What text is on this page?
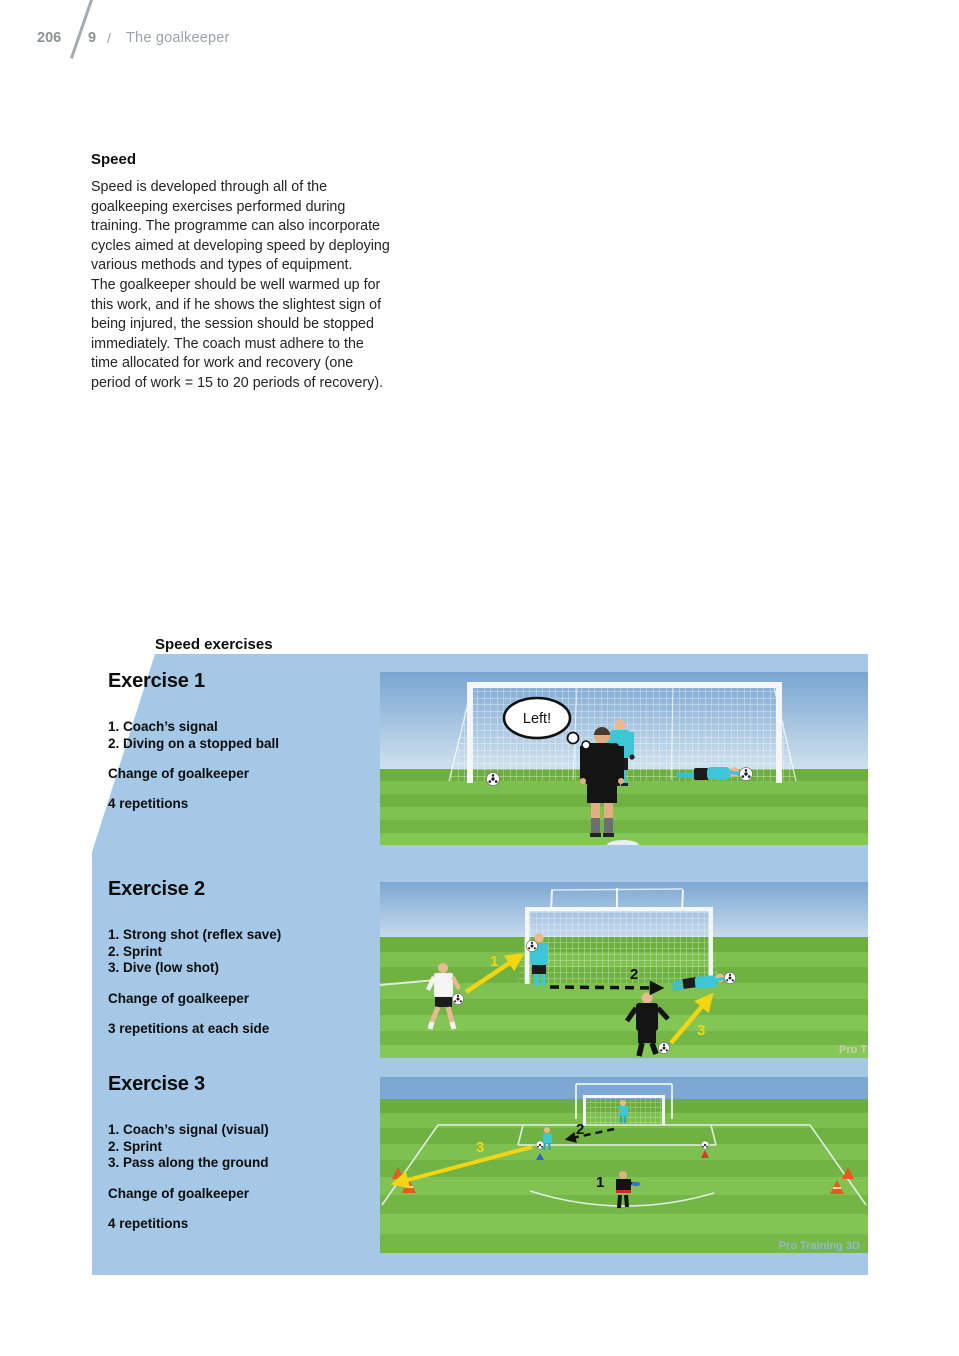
206 9 / The goalkeeper
Speed

Speed is developed through all of the goalkeeping exercises performed during training. The programme can also incorporate cycles aimed at developing speed by deploying various methods and types of equipment.

The goalkeeper should be well warmed up for this work, and if he shows the slightest sign of being injured, the session should be stopped immediately. The coach must adhere to the time allocated for work and recovery (one period of work = 15 to 20 periods of recovery).

Speed exercises
Exercise 1
1. Coach’s signal
2. Diving on a stopped ball
Change of goalkeeper
4 repetitions
Left!
Exercise 2
1. Strong shot (reflex save)
2. Sprint
3. Dive (low shot)
Change of goalkeeper
3 repetitions at each side
1
2
3
Pro T
Exercise 3
1. Coach’s signal (visual)
2. Sprint
3. Pass along the ground
Change of goalkeeper
4 repetitions
2
3
1
Pro Training 3D
